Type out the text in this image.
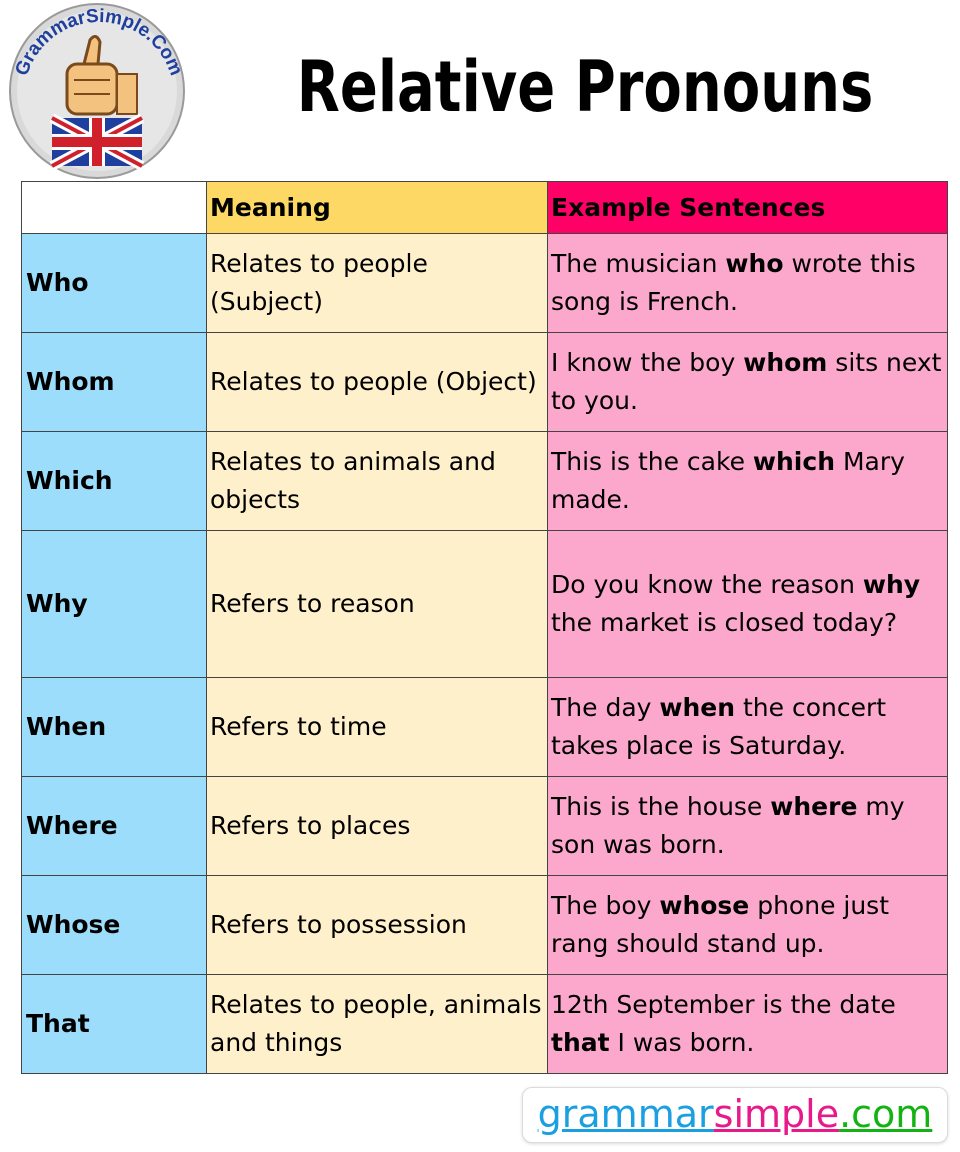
GrammarSimple.Com Relative Pronouns
	Meaning	Example Sentences
Who	Relates to people (Subject)	The musician who wrote this song is French.
Whom	Relates to people (Object)	I know the boy whom sits next to you.
Which	Relates to animals and objects	This is the cake which Mary made.
Why	Refers to reason	Do you know the reason why the market is closed today?
When	Refers to time	The day when the concert takes place is Saturday.
Where	Refers to places	This is the house where my son was born.
Whose	Refers to possession	The boy whose phone just rang should stand up.
That	Relates to people, animals and things	12th September is the date that I was born.
grammarsimple.com
